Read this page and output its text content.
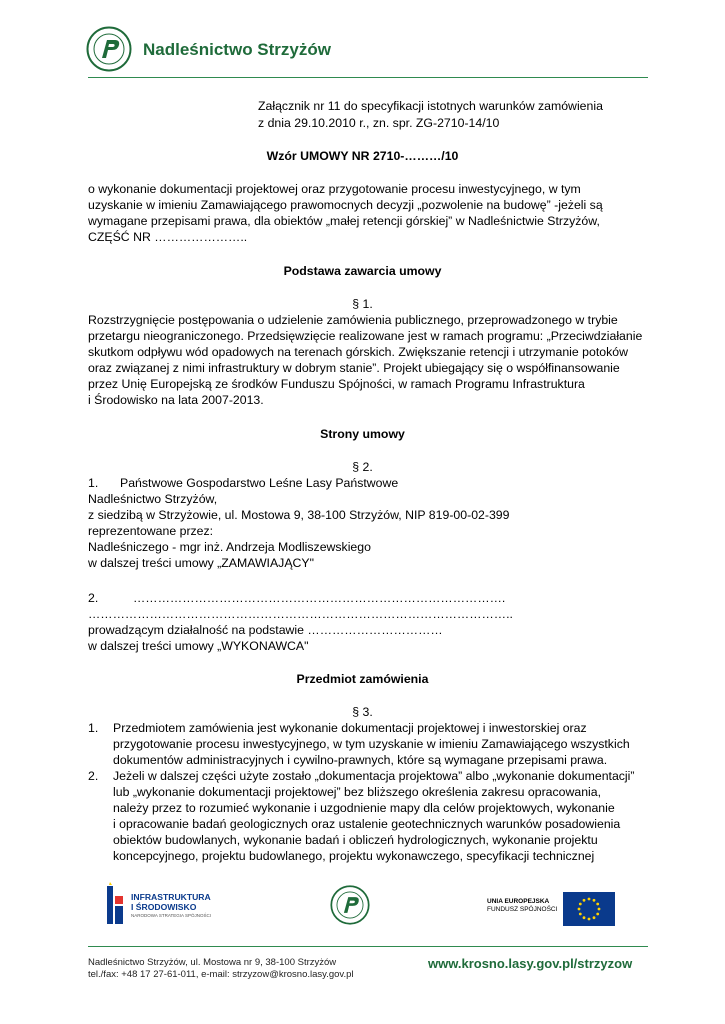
Nadleśnictwo Strzyżów
Załącznik nr 11 do specyfikacji istotnych warunków zamówienia
z dnia 29.10.2010 r., zn. spr. ZG-2710-14/10
Wzór UMOWY NR 2710-………/10
o wykonanie dokumentacji projektowej oraz przygotowanie procesu inwestycyjnego, w tym
uzyskanie w imieniu Zamawiającego prawomocnych decyzji „pozwolenie na budowę” -jeżeli są
wymagane przepisami prawa, dla obiektów „małej retencji górskiej” w Nadleśnictwie Strzyżów,
CZĘŚĆ NR …………………..
Podstawa zawarcia umowy
§ 1.
Rozstrzygnięcie postępowania o udzielenie zamówienia publicznego, przeprowadzonego w trybie
przetargu nieograniczonego. Przedsięwzięcie realizowane jest w ramach programu: „Przeciwdziałanie
skutkom odpływu wód opadowych na terenach górskich. Zwiększanie retencji i utrzymanie potoków
oraz związanej z nimi infrastruktury w dobrym stanie”. Projekt ubiegający się o współfinansowanie
przez Unię Europejską ze środków Funduszu Spójności, w ramach Programu Infrastruktura
i Środowisko na lata 2007-2013.
Strony umowy
§ 2.
1. Państwowe Gospodarstwo Leśne Lasy Państwowe
Nadleśnictwo Strzyżów,
z siedzibą w Strzyżowie, ul. Mostowa 9, 38-100 Strzyżów, NIP 819-00-02-399
reprezentowane przez:
Nadleśniczego - mgr inż. Andrzeja Modliszewskiego
w dalszej treści umowy „ZAMAWIAJĄCY"
2.	……………………………………………………………………………….
…………………………………………………………………………………………..
prowadzącym działalność na podstawie ……………………………
w dalszej treści umowy „WYKONAWCA"
Przedmiot zamówienia
§ 3.
1. Przedmiotem zamówienia jest wykonanie dokumentacji projektowej i inwestorskiej oraz
przygotowanie procesu inwestycyjnego, w tym uzyskanie w imieniu Zamawiającego wszystkich
dokumentów administracyjnych i cywilno-prawnych, które są wymagane przepisami prawa.
2. Jeżeli w dalszej części użyte zostało „dokumentacja projektowa” albo „wykonanie dokumentacji”
lub „wykonanie dokumentacji projektowej” bez bliższego określenia zakresu opracowania,
należy przez to rozumieć wykonanie i uzgodnienie mapy dla celów projektowych, wykonanie
i opracowanie badań geologicznych oraz ustalenie geotechnicznych warunków posadowienia
obiektów budowlanych, wykonanie badań i obliczeń hydrologicznych, wykonanie projektu
koncepcyjnego, projektu budowlanego, projektu wykonawczego, specyfikacji technicznej
INFRASTRUKTURA
I ŚRODOWISKO
NARODOWA STRATEGIA SPÓJNOŚCI
UNIA EUROPEJSKA
FUNDUSZ SPÓJNOŚCI
Nadleśnictwo Strzyżów, ul. Mostowa nr 9, 38-100 Strzyżów
tel./fax: +48 17 27-61-011, e-mail: strzyzow@krosno.lasy.gov.pl
www.krosno.lasy.gov.pl/strzyzow
